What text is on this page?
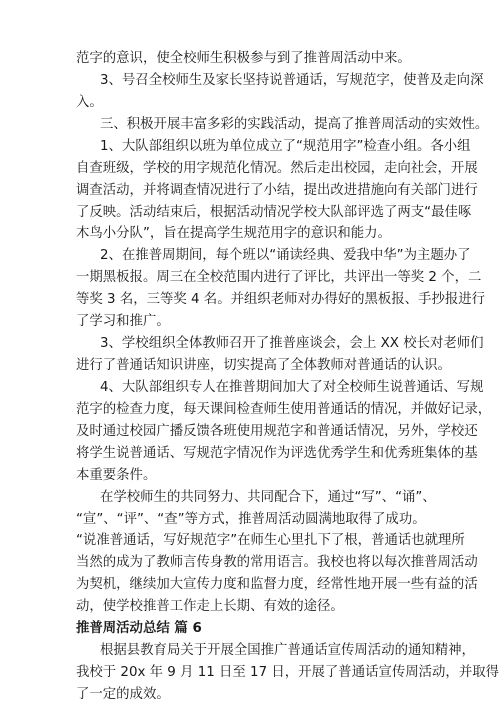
范字的意识，使全校师生积极参与到了推普周活动中来。
3、号召全校师生及家长坚持说普通话，写规范字，使普及走向深
入。
三、积极开展丰富多彩的实践活动，提高了推普周活动的实效性。
1、大队部组织以班为单位成立了“规范用字”检查小组。各小组
自查班级，学校的用字规范化情况。然后走出校园，走向社会，开展
调查活动，并将调查情况进行了小结，提出改进措施向有关部门进行
了反映。活动结束后，根据活动情况学校大队部评选了两支“最佳啄
木鸟小分队”，旨在提高学生规范用字的意识和能力。
2、在推普周期间，每个班以“诵读经典、爱我中华”为主题办了
一期黑板报。周三在全校范围内进行了评比，共评出一等奖 2 个，二
等奖 3 名，三等奖 4 名。并组织老师对办得好的黑板报、手抄报进行
了学习和推广。
3、学校组织全体教师召开了推普座谈会，会上 XX 校长对老师们
进行了普通话知识讲座，切实提高了全体教师对普通话的认识。
4、大队部组织专人在推普期间加大了对全校师生说普通话、写规
范字的检查力度，每天课间检查师生使用普通话的情况，并做好记录，
及时通过校园广播反馈各班使用规范字和普通话情况，另外，学校还
将学生说普通话、写规范字情况作为评选优秀学生和优秀班集体的基
本重要条件。
在学校师生的共同努力、共同配合下，通过“写”、“诵”、
“宣”、“评”、“查”等方式，推普周活动圆满地取得了成功。
“说准普通话，写好规范字”在师生心里扎下了根，普通话也就理所
当然的成为了教师言传身教的常用语言。我校也将以每次推普周活动
为契机，继续加大宣传力度和监督力度，经常性地开展一些有益的活
动，使学校推普工作走上长期、有效的途径。
推普周活动总结 篇 6
根据县教育局关于开展全国推广普通话宣传周活动的通知精神，
我校于 20x 年 9 月 11 日至 17 日，开展了普通话宣传周活动，并取得
了一定的成效。
